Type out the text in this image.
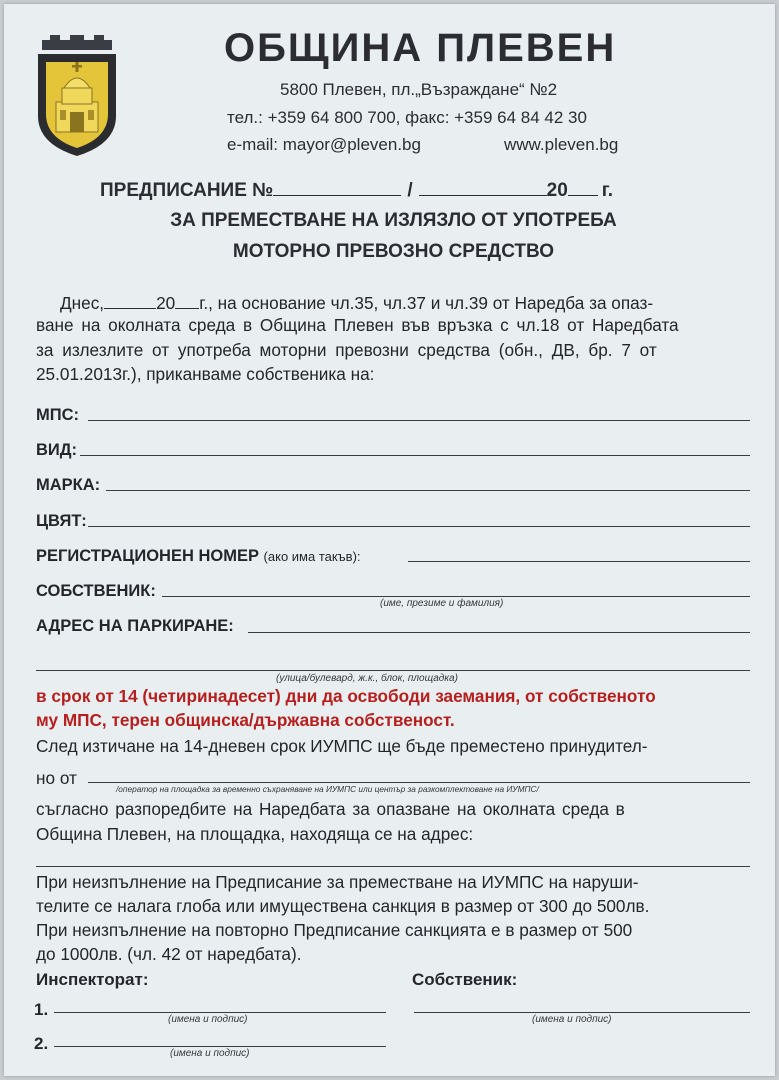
ОБЩИНА ПЛЕВЕН
5800 Плевен, пл.„Възраждане“ №2
тел.: +359 64 800 700, факс: +359 64 84 42 30
e-mail: mayor@pleven.bg	www.pleven.bg
ПРЕДПИСАНИЕ №	/	20 г.
ЗА ПРЕМЕСТВАНЕ НА ИЗЛЯЗЛО ОТ УПОТРЕБА
МОТОРНО ПРЕВОЗНО СРЕДСТВО
Днес,	20 г., на основание чл.35, чл.37 и чл.39 от Наредба за опаз-
ване на околната среда в Община Плевен във връзка с чл.18 от Наредбата
за излезлите от употреба моторни превозни средства (обн., ДВ, бр. 7 от
25.01.2013г.), приканваме собственика на:
МПС:
ВИД:
МАРКА:
ЦВЯТ:
РЕГИСТРАЦИОНЕН НОМЕР (ако има такъв):
СОБСТВЕНИК:
(име, презиме и фамилия)
АДРЕС НА ПАРКИРАНЕ:
(улица/булевард, ж.к., блок, площадка)
в срок от 14 (четиринадесет) дни да освободи заемания, от собственото
му МПС, терен общинска/държавна собственост.
След изтичане на 14-дневен срок ИУМПС ще бъде преместено принудител-
но от
/оператор на площадка за временно съхраняване на ИУМПС или център за разкомплектоване на ИУМПС/
съгласно разпоредбите на Наредбата за опазване на околната среда в
Община Плевен, на площадка, находяща се на адрес:
При неизпълнение на Предписание за преместване на ИУМПС на наруши-
телите се налага глоба или имуществена санкция в размер от 300 до 500лв.
При неизпълнение на повторно Предписание санкцията е в размер от 500
до 1000лв. (чл. 42 от наредбата).
Инспекторат:	Собственик:
1.
(имена и подпис)	(имена и подпис)
2.
(имена и подпис)
